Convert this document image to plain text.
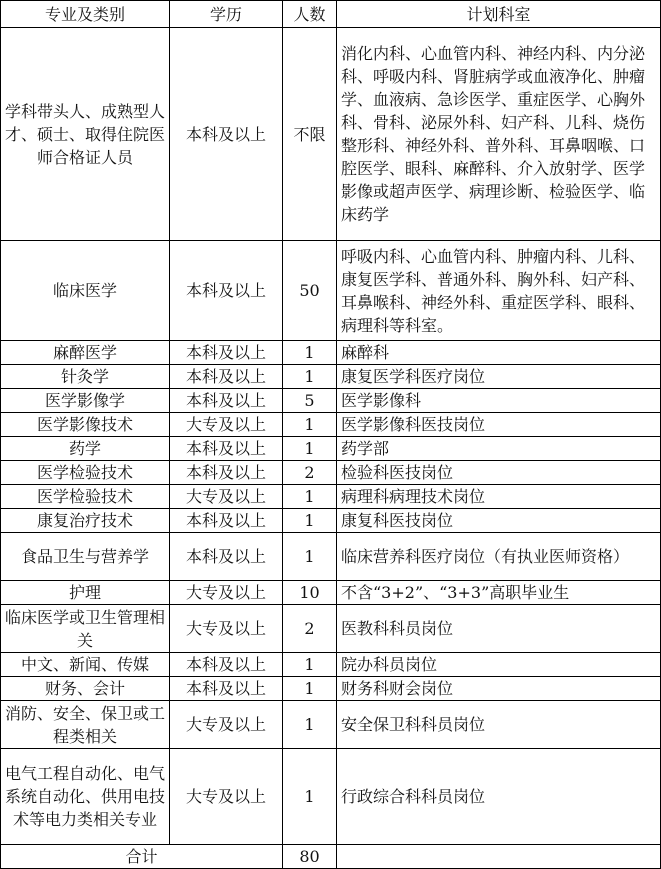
专业及类别	学历	人数	计划科室
学科带头人、成熟型人才、硕士、取得住院医师合格证人员	本科及以上	不限	消化内科、心血管内科、神经内科、内分泌科、呼吸内科、肾脏病学或血液净化、肿瘤学、血液病、急诊医学、重症医学、心胸外科、骨科、泌尿外科、妇产科、儿科、烧伤整形科、神经外科、普外科、耳鼻咽喉、口腔医学、眼科、麻醉科、介入放射学、医学影像或超声医学、病理诊断、检验医学、临床药学
临床医学	本科及以上	50	呼吸内科、心血管内科、肿瘤内科、儿科、康复医学科、普通外科、胸外科、妇产科、耳鼻喉科、神经外科、重症医学科、眼科、病理科等科室。
麻醉医学	本科及以上	1	麻醉科
针灸学	本科及以上	1	康复医学科医疗岗位
医学影像学	本科及以上	5	医学影像科
医学影像技术	大专及以上	1	医学影像科医技岗位
药学	本科及以上	1	药学部
医学检验技术	本科及以上	2	检验科医技岗位
医学检验技术	大专及以上	1	病理科病理技术岗位
康复治疗技术	本科及以上	1	康复科医技岗位
食品卫生与营养学	本科及以上	1	临床营养科医疗岗位（有执业医师资格）
护理	大专及以上	10	不含“3+2”、“3+3”高职毕业生
临床医学或卫生管理相关	大专及以上	2	医教科科员岗位
中文、新闻、传媒	本科及以上	1	院办科员岗位
财务、会计	本科及以上	1	财务科财会岗位
消防、安全、保卫或工程类相关	大专及以上	1	安全保卫科科员岗位
电气工程自动化、电气系统自动化、供用电技术等电力类相关专业	大专及以上	1	行政综合科科员岗位
合计		80	
